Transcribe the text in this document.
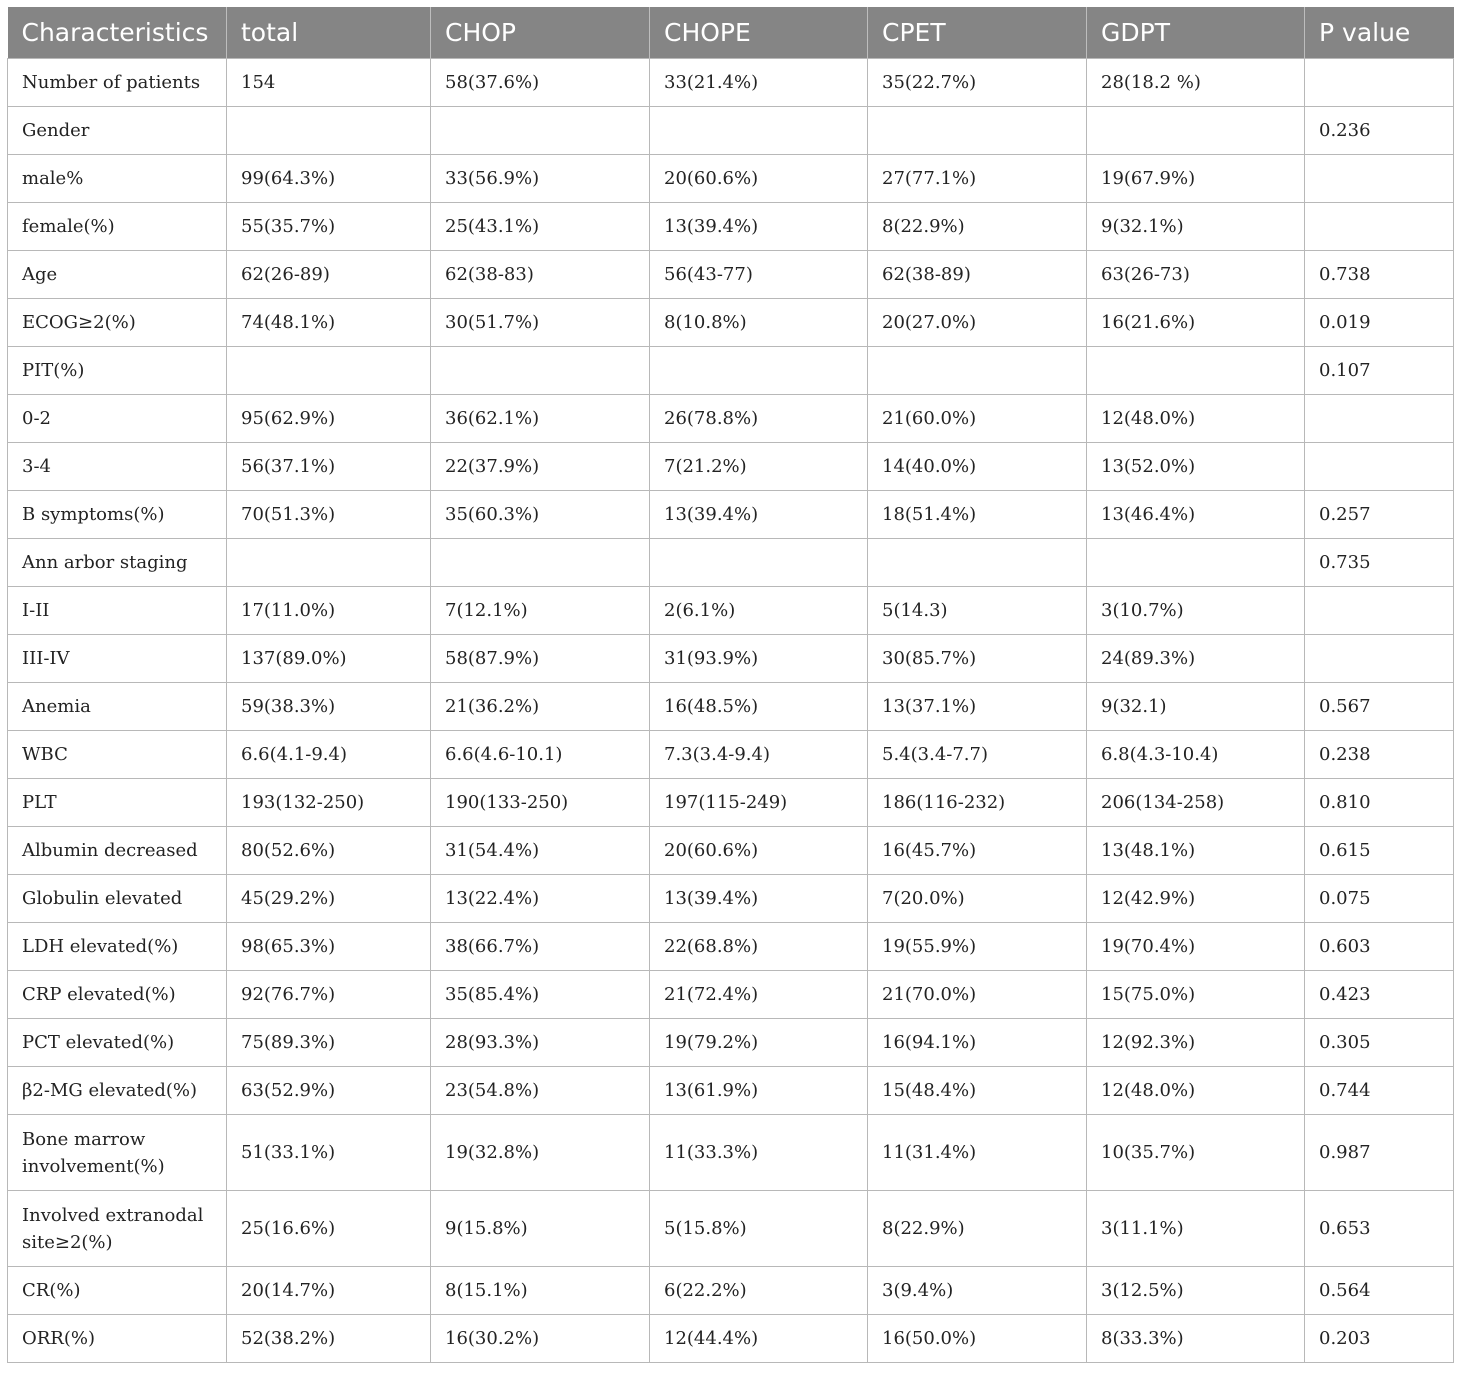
Characteristics	total	CHOP	CHOPE	CPET	GDPT	P value
Number of patients	154	58(37.6%)	33(21.4%)	35(22.7%)	28(18.2 %)	
Gender						0.236
male%	99(64.3%)	33(56.9%)	20(60.6%)	27(77.1%)	19(67.9%)	
female(%)	55(35.7%)	25(43.1%)	13(39.4%)	8(22.9%)	9(32.1%)	
Age	62(26-89)	62(38-83)	56(43-77)	62(38-89)	63(26-73)	0.738
ECOG≥2(%)	74(48.1%)	30(51.7%)	8(10.8%)	20(27.0%)	16(21.6%)	0.019
PIT(%)						0.107
0-2	95(62.9%)	36(62.1%)	26(78.8%)	21(60.0%)	12(48.0%)	
3-4	56(37.1%)	22(37.9%)	7(21.2%)	14(40.0%)	13(52.0%)	
B symptoms(%)	70(51.3%)	35(60.3%)	13(39.4%)	18(51.4%)	13(46.4%)	0.257
Ann arbor staging						0.735
I-II	17(11.0%)	7(12.1%)	2(6.1%)	5(14.3)	3(10.7%)	
III-IV	137(89.0%)	58(87.9%)	31(93.9%)	30(85.7%)	24(89.3%)	
Anemia	59(38.3%)	21(36.2%)	16(48.5%)	13(37.1%)	9(32.1)	0.567
WBC	6.6(4.1-9.4)	6.6(4.6-10.1)	7.3(3.4-9.4)	5.4(3.4-7.7)	6.8(4.3-10.4)	0.238
PLT	193(132-250)	190(133-250)	197(115-249)	186(116-232)	206(134-258)	0.810
Albumin decreased	80(52.6%)	31(54.4%)	20(60.6%)	16(45.7%)	13(48.1%)	0.615
Globulin elevated	45(29.2%)	13(22.4%)	13(39.4%)	7(20.0%)	12(42.9%)	0.075
LDH elevated(%)	98(65.3%)	38(66.7%)	22(68.8%)	19(55.9%)	19(70.4%)	0.603
CRP elevated(%)	92(76.7%)	35(85.4%)	21(72.4%)	21(70.0%)	15(75.0%)	0.423
PCT elevated(%)	75(89.3%)	28(93.3%)	19(79.2%)	16(94.1%)	12(92.3%)	0.305
β2-MG elevated(%)	63(52.9%)	23(54.8%)	13(61.9%)	15(48.4%)	12(48.0%)	0.744
Bone marrow involvement(%)	51(33.1%)	19(32.8%)	11(33.3%)	11(31.4%)	10(35.7%)	0.987
Involved extranodal site≥2(%)	25(16.6%)	9(15.8%)	5(15.8%)	8(22.9%)	3(11.1%)	0.653
CR(%)	20(14.7%)	8(15.1%)	6(22.2%)	3(9.4%)	3(12.5%)	0.564
ORR(%)	52(38.2%)	16(30.2%)	12(44.4%)	16(50.0%)	8(33.3%)	0.203
